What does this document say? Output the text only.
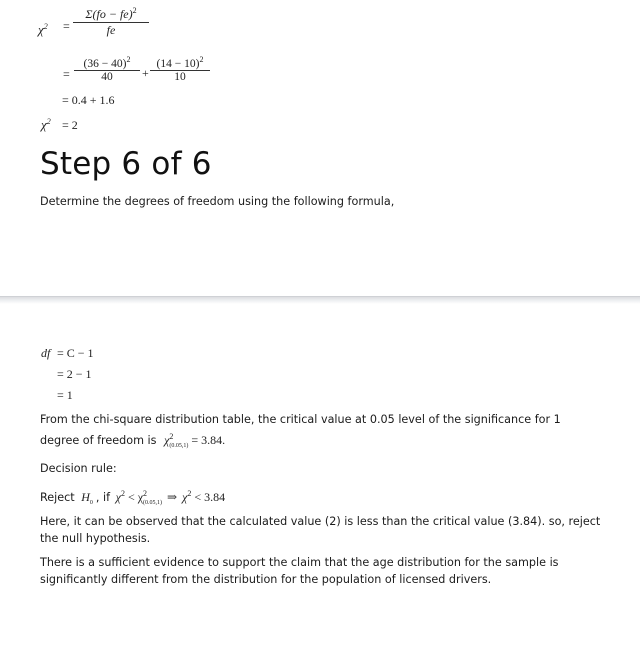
$\chi^2$ =
Σ(fo − fe)$^2$
fe
=
$(36 - 40)^2$
40	+
$(14 - 10)^2$
10
= 0.4 + 1.6
$\chi^2 = 2$
Step 6 of 6
Determine the degrees of freedom using the following formula,
df = C − 1
= 2 − 1
= 1
From the chi-square distribution table, the critical value at 0.05 level of the significance for 1
degree of freedom is $\chi^2_{(0.05,1)} = 3.84$.
Decision rule:
Reject $H_0$ , if $\chi^2 < \chi^2_{(0.05,1)}$ ⇒ $\chi^2 < 3.84$
Here, it can be observed that the calculated value (2) is less than the critical value (3.84). so, reject the null hypothesis.
There is a sufficient evidence to support the claim that the age distribution for the sample is significantly different from the distribution for the population of licensed drivers.
